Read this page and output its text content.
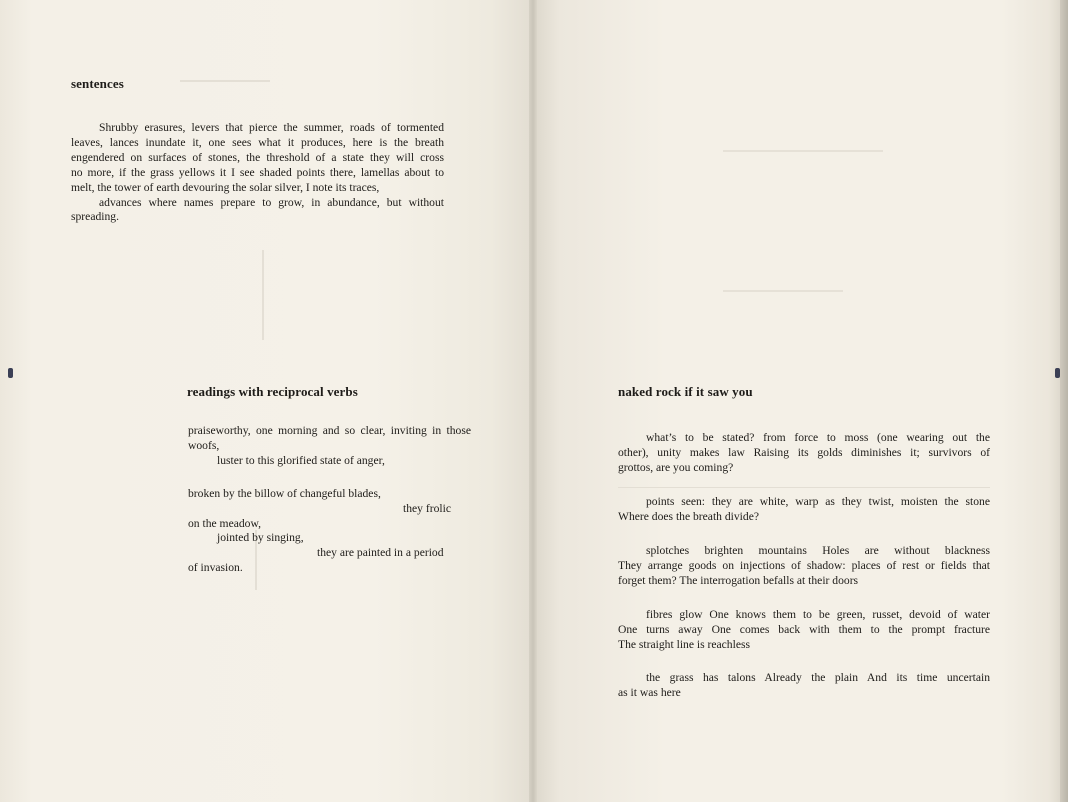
sentences
Shrubby erasures, levers that pierce the summer, roads of tormented
leaves, lances inundate it, one sees what it produces, here is the breath
engendered on surfaces of stones, the threshold of a state they will cross
no more, if the grass yellows it I see shaded points there, lamellas about to
melt, the tower of earth devouring the solar silver, I note its traces,
advances where names prepare to grow, in abundance, but without
spreading.
readings with reciprocal verbs
praiseworthy, one morning and so clear, inviting in those
woofs,
luster to this glorified state of anger,
broken by the billow of changeful blades,
they frolic
on the meadow,
jointed by singing,
they are painted in a period
of invasion.
naked rock if it saw you
what’s to be stated? from force to moss (one wearing out the
other), unity makes law Raising its golds diminishes it; survivors of
grottos, are you coming?
points seen: they are white, warp as they twist, moisten the stone
Where does the breath divide?
splotches brighten mountains Holes are without blackness
They arrange goods on injections of shadow: places of rest or fields that
forget them? The interrogation befalls at their doors
fibres glow One knows them to be green, russet, devoid of water
One turns away One comes back with them to the prompt fracture
The straight line is reachless
the grass has talons Already the plain And its time uncertain
as it was here
